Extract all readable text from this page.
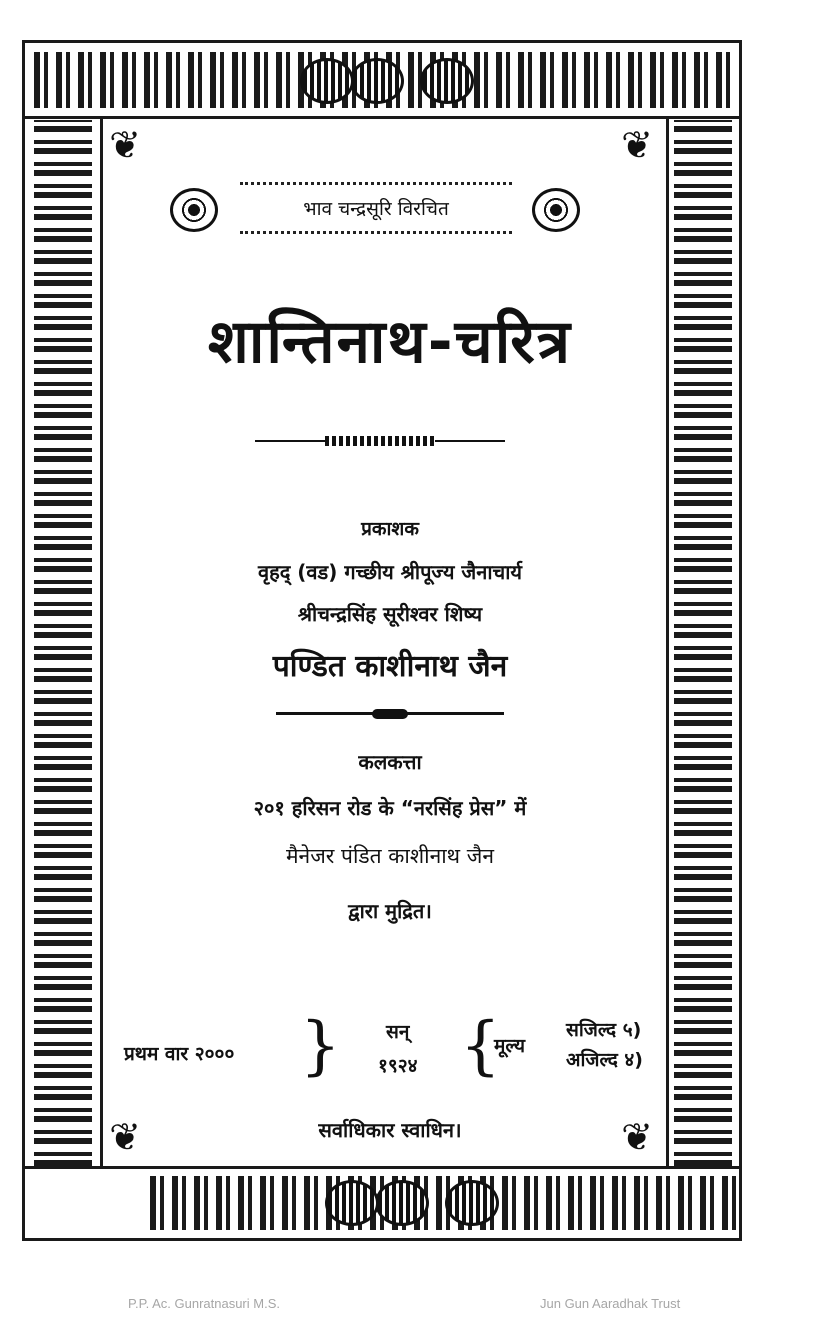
❦	❦
❦	❦
भाव चन्द्रसूरि विरचित
शान्तिनाथ-चरित्र
प्रकाशक
वृहद् (वड) गच्छीय श्रीपूज्य जैनाचार्य
श्रीचन्द्रसिंह सूरीश्वर शिष्य
पण्डित काशीनाथ जैन
कलकत्ता
२०१ हरिसन रोड के “नरसिंह प्रेस” में
मैनेजर पंडित काशीनाथ जैन
द्वारा मुद्रित।
प्रथम वार २००० } सन्
१९२४ {
मूल्य
सजिल्द ५)
अजिल्द ४)
सर्वाधिकार स्वाधिन।
P.P. Ac. Gunratnasuri M.S.	Jun Gun Aaradhak Trust
